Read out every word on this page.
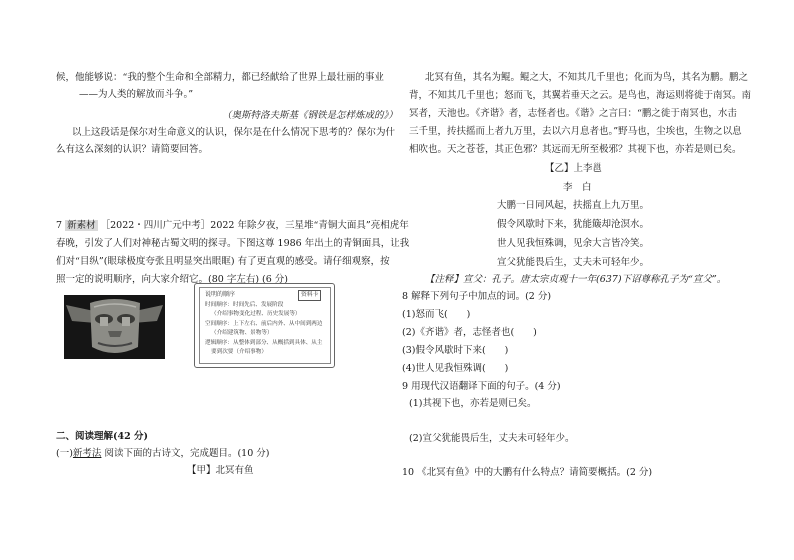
候，他能够说：“我的整个生命和全部精力，都已经献给了世界上最壮丽的事业
——为人类的解放而斗争。”
（奥斯特洛夫斯基《钢铁是怎样炼成的》）
以上这段话是保尔对生命意义的认识，保尔是在什么情况下思考的？保尔为什
么有这么深刻的认识？请简要回答。
7 新素材 ［2022・四川广元中考］2022 年除夕夜，三星堆“青铜大面具”亮相虎年
春晚，引发了人们对神秘古蜀文明的探寻。下图这尊 1986 年出土的青铜面具，让我
们对“目纵”(眼球极度夸张且明显突出眼眶) 有了更直观的感受。请仔细观察，按
照一定的说明顺序，向大家介绍它。(80 字左右) (6 分)
说明的顺序	资料卡
时间顺序：时间先后、发展阶段
（介绍事物变化过程、历史发展等）
空间顺序：上下左右、前后内外、从中间到两边
（介绍建筑物、景物等）
逻辑顺序：从整体到部分、从概括到具体、从主
要到次要（介绍事物）
二、阅读理解(42 分)
(一)新考法 阅读下面的古诗文，完成题目。(10 分)
【甲】北冥有鱼
北冥有鱼，其名为鲲。鲲之大，不知其几千里也；化而为鸟，其名为鹏。鹏之
背，不知其几千里也；怒而飞，其翼若垂天之云。是鸟也，海运则将徙于南冥。南
冥者，天池也。《齐谐》者，志怪者也。《谐》之言曰：“鹏之徙于南冥也，水击
三千里，抟扶摇而上者九万里，去以六月息者也。”野马也，尘埃也，生物之以息
相吹也。天之苍苍，其正色邪？其远而无所至极邪？其视下也，亦若是则已矣。
【乙】上李邕
李　白
大鹏一日同风起，扶摇直上九万里。
假令风歇时下来，犹能簸却沧溟水。
世人见我恒殊调，见余大言皆冷笑。
宣父犹能畏后生，丈夫未可轻年少。
【注释】宣父：孔子。唐太宗贞观十一年(637)下诏尊称孔子为“宣父”。
8 解释下列句子中加点的词。(2 分)
(1)怒而飞(　　)
(2)《齐谐》者，志怪者也(　　)
(3)假令风歇时下来(　　)
(4)世人见我恒殊调(　　)
9 用现代汉语翻译下面的句子。(4 分)
(1)其视下也，亦若是则已矣。
(2)宣父犹能畏后生，丈夫未可轻年少。
10 《北冥有鱼》中的大鹏有什么特点？请简要概括。(2 分)
